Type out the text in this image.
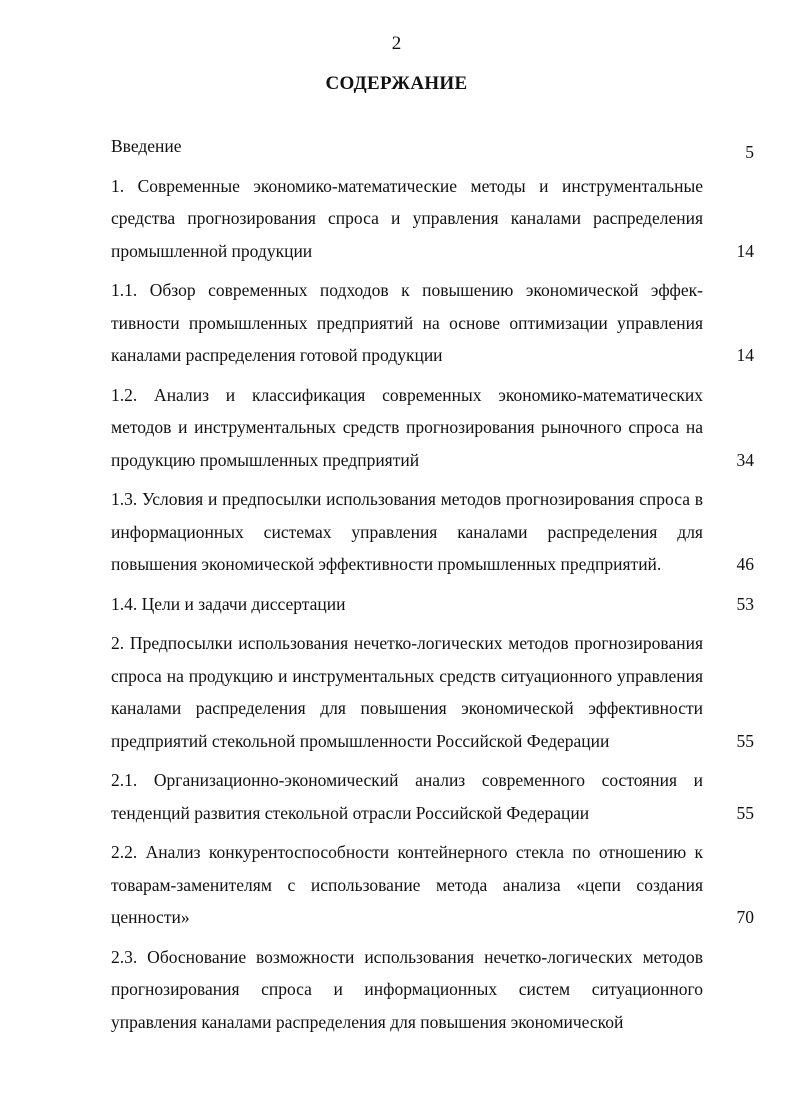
2
СОДЕРЖАНИЕ
Введение	5
1. Современные экономико-математические методы и инструментальные средства прогнозирования спроса и управления каналами распределения промышленной продукции	14
1.1. Обзор современных подходов к повышению экономической эффективности промышленных предприятий на основе оптимизации управления каналами распределения готовой продукции	14
1.2. Анализ и классификация современных экономико-математических методов и инструментальных средств прогнозирования рыночного спроса на продукцию промышленных предприятий	34
1.3. Условия и предпосылки использования методов прогнозирования спроса в информационных системах управления каналами распределения для повышения экономической эффективности промышленных предприятий.	46
1.4. Цели и задачи диссертации	53
2. Предпосылки использования нечетко-логических методов прогнозирования спроса на продукцию и инструментальных средств ситуационного управления каналами распределения для повышения экономической эффективности предприятий стекольной промышленности Российской Федерации	55
2.1. Организационно-экономический анализ современного состояния и тенденций развития стекольной отрасли Российской Федерации	55
2.2. Анализ конкурентоспособности контейнерного стекла по отношению к товарам-заменителям с использование метода анализа «цепи создания ценности»	70
2.3. Обоснование возможности использования нечетко-логических методов прогнозирования спроса и информационных систем ситуационного управления каналами распределения для повышения экономической
